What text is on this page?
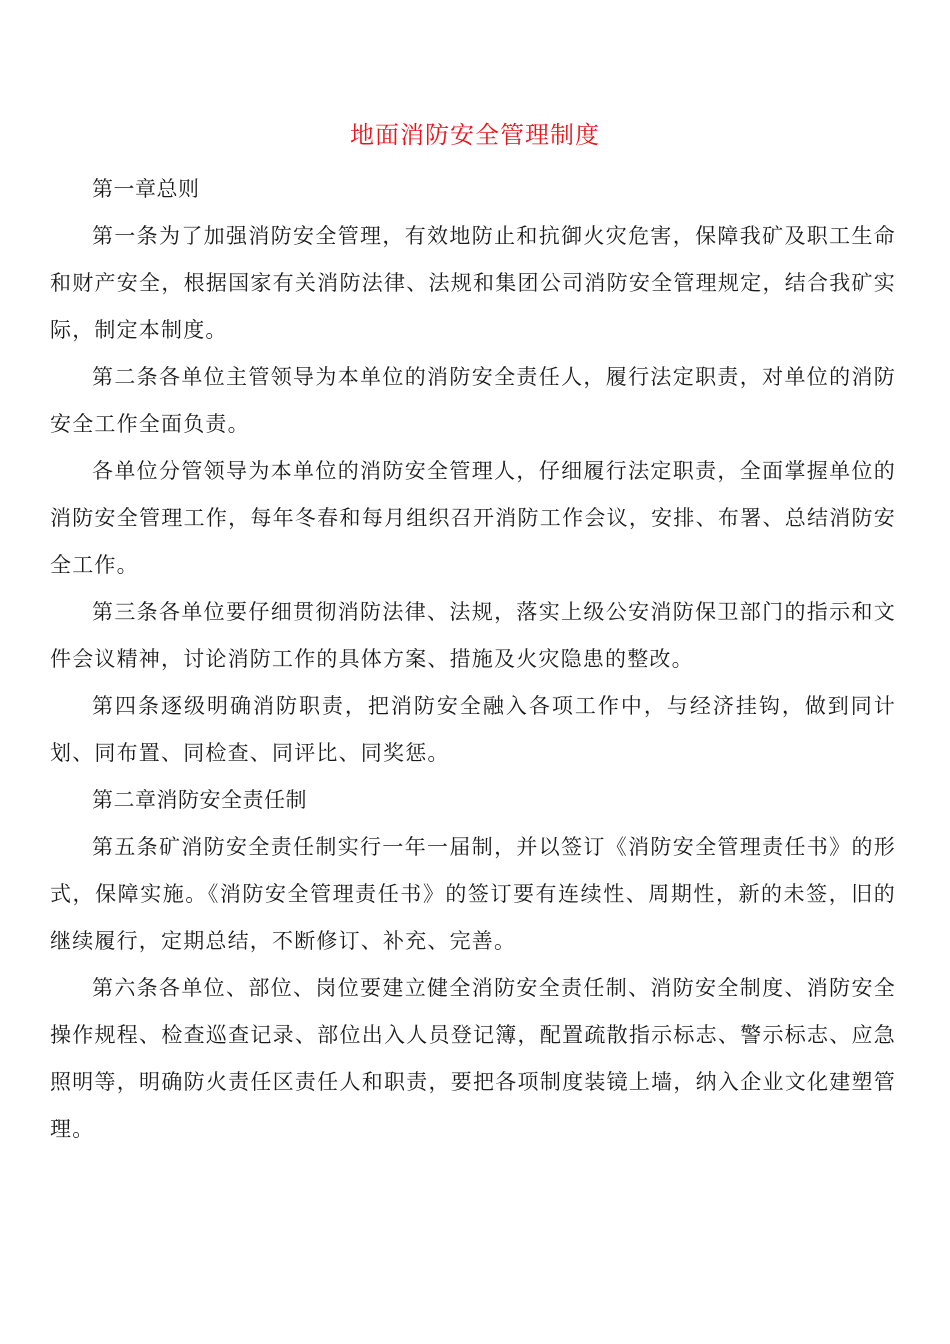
地面消防安全管理制度

第一章总则

第一条为了加强消防安全管理，有效地防止和抗御火灾危害，保障我矿及职工生命和财产安全，根据国家有关消防法律、法规和集团公司消防安全管理规定，结合我矿实际，制定本制度。

第二条各单位主管领导为本单位的消防安全责任人，履行法定职责，对单位的消防安全工作全面负责。

各单位分管领导为本单位的消防安全管理人，仔细履行法定职责，全面掌握单位的消防安全管理工作，每年冬春和每月组织召开消防工作会议，安排、布署、总结消防安全工作。

第三条各单位要仔细贯彻消防法律、法规，落实上级公安消防保卫部门的指示和文件会议精神，讨论消防工作的具体方案、措施及火灾隐患的整改。

第四条逐级明确消防职责，把消防安全融入各项工作中，与经济挂钩，做到同计划、同布置、同检查、同评比、同奖惩。

第二章消防安全责任制

第五条矿消防安全责任制实行一年一届制，并以签订《消防安全管理责任书》的形式，保障实施。《消防安全管理责任书》的签订要有连续性、周期性，新的未签，旧的继续履行，定期总结，不断修订、补充、完善。

第六条各单位、部位、岗位要建立健全消防安全责任制、消防安全制度、消防安全操作规程、检查巡查记录、部位出入人员登记簿，配置疏散指示标志、警示标志、应急照明等，明确防火责任区责任人和职责，要把各项制度装镜上墙，纳入企业文化建塑管理。
